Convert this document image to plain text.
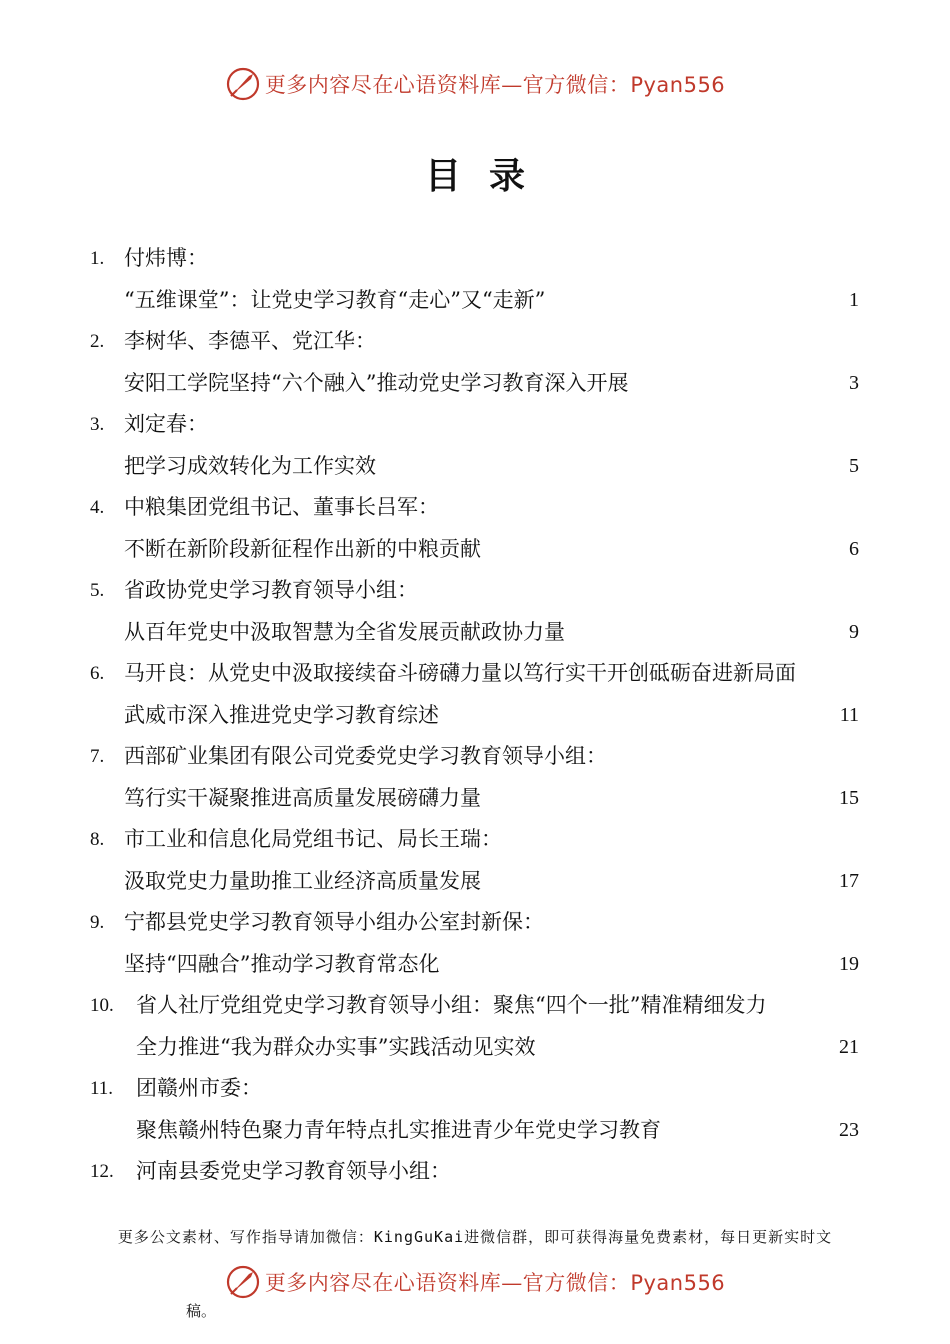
更多内容尽在心语资料库—官方微信：Pyan556
目录
1. 付炜博：
“五维课堂”：让党史学习教育“走心”又“走新”	1
2. 李树华、李德平、党江华：
安阳工学院坚持“六个融入”推动党史学习教育深入开展	3
3. 刘定春：
把学习成效转化为工作实效	5
4. 中粮集团党组书记、董事长吕军：
不断在新阶段新征程作出新的中粮贡献	6
5. 省政协党史学习教育领导小组：
从百年党史中汲取智慧为全省发展贡献政协力量	9
6. 马开良：从党史中汲取接续奋斗磅礴力量以笃行实干开创砥砺奋进新局面
武威市深入推进党史学习教育综述	11
7. 西部矿业集团有限公司党委党史学习教育领导小组：
笃行实干凝聚推进高质量发展磅礴力量	15
8. 市工业和信息化局党组书记、局长王瑞：
汲取党史力量助推工业经济高质量发展	17
9. 宁都县党史学习教育领导小组办公室封新保：
坚持“四融合”推动学习教育常态化	19
10. 省人社厅党组党史学习教育领导小组：聚焦“四个一批”精准精细发力
全力推进“我为群众办实事”实践活动见实效	21
11. 团赣州市委：
聚焦赣州特色聚力青年特点扎实推进青少年党史学习教育	23
12. 河南县委党史学习教育领导小组：
更多公文素材、写作指导请加微信：KingGuKai进微信群，即可获得海量免费素材，每日更新实时文
更多内容尽在心语资料库—官方微信：Pyan556
稿。
